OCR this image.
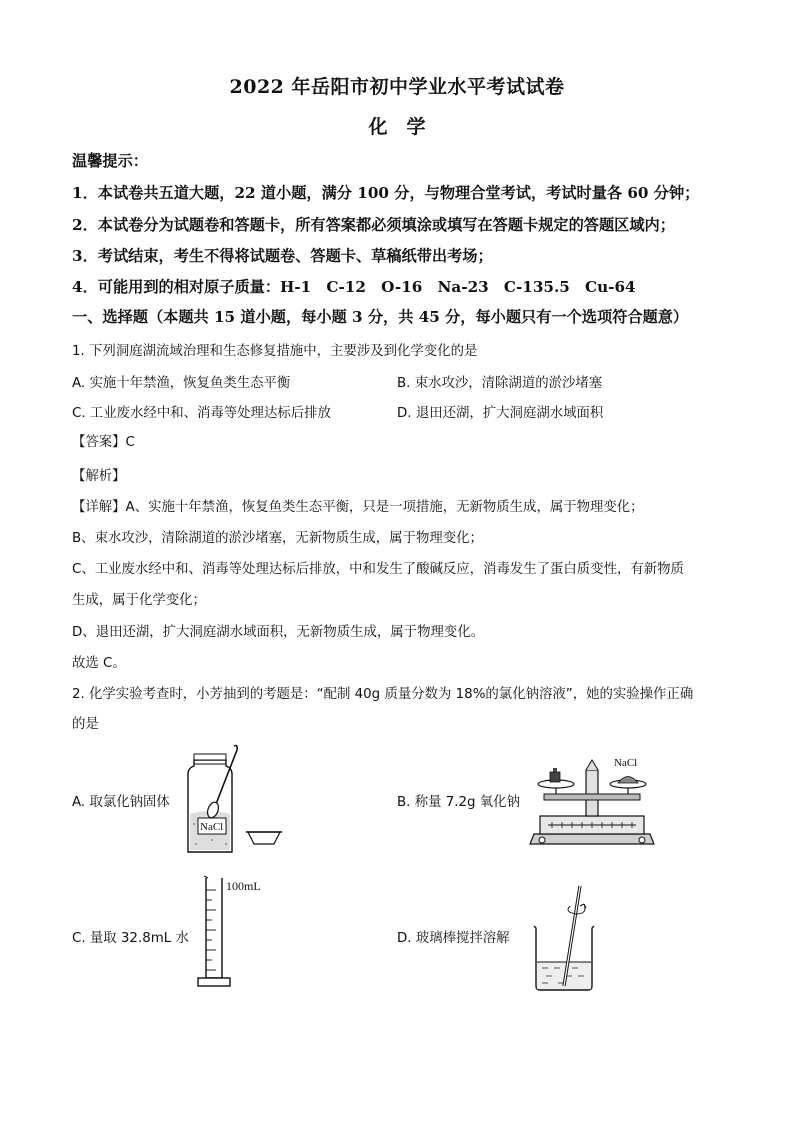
2022 年岳阳市初中学业水平考试试卷
化　学
温馨提示：
1．本试卷共五道大题，22 道小题，满分 100 分，与物理合堂考试，考试时量各 60 分钟；
2．本试卷分为试题卷和答题卡，所有答案都必须填涂或填写在答题卡规定的答题区域内；
3．考试结束，考生不得将试题卷、答题卡、草稿纸带出考场；
4．可能用到的相对原子质量：H-1　C-12　O-16　Na-23　C-135.5　Cu-64
一、选择题（本题共 15 道小题，每小题 3 分，共 45 分，每小题只有一个选项符合题意）
1. 下列洞庭湖流域治理和生态修复措施中，主要涉及到化学变化的是
A. 实施十年禁渔，恢复鱼类生态平衡	B. 束水攻沙，清除湖道的淤沙堵塞
C. 工业废水经中和、消毒等处理达标后排放	D. 退田还湖，扩大洞庭湖水域面积
【答案】C
【解析】
【详解】A、实施十年禁渔，恢复鱼类生态平衡，只是一项措施，无新物质生成，属于物理变化；
B、束水攻沙，清除湖道的淤沙堵塞，无新物质生成，属于物理变化；
C、工业废水经中和、消毒等处理达标后排放，中和发生了酸碱反应，消毒发生了蛋白质变性，有新物质
生成，属于化学变化；
D、退田还湖，扩大洞庭湖水域面积，无新物质生成，属于物理变化。
故选 C。
2. 化学实验考查时，小芳抽到的考题是：“配制 40g 质量分数为 18%的氯化钠溶液”，她的实验操作正确
的是
A. 取氯化钠固体	B. 称量 7.2g 氧化钠
C. 量取 32.8mL 水	D. 玻璃棒搅拌溶解
NaCl
NaCl
100mL
